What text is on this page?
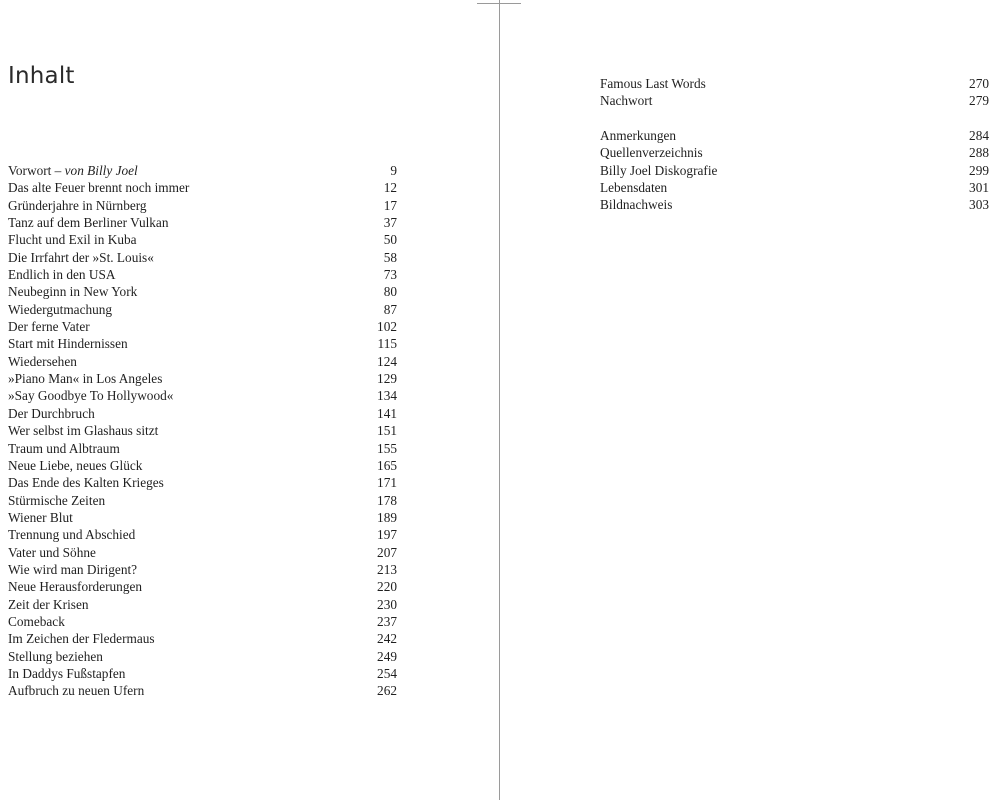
Inhalt
Vorwort – von Billy Joel	9
Das alte Feuer brennt noch immer	12
Gründerjahre in Nürnberg	17
Tanz auf dem Berliner Vulkan	37
Flucht und Exil in Kuba	50
Die Irrfahrt der »St. Louis«	58
Endlich in den USA	73
Neubeginn in New York	80
Wiedergutmachung	87
Der ferne Vater	102
Start mit Hindernissen	115
Wiedersehen	124
»Piano Man« in Los Angeles	129
»Say Goodbye To Hollywood«	134
Der Durchbruch	141
Wer selbst im Glashaus sitzt	151
Traum und Albtraum	155
Neue Liebe, neues Glück	165
Das Ende des Kalten Krieges	171
Stürmische Zeiten	178
Wiener Blut	189
Trennung und Abschied	197
Vater und Söhne	207
Wie wird man Dirigent?	213
Neue Herausforderungen	220
Zeit der Krisen	230
Comeback	237
Im Zeichen der Fledermaus	242
Stellung beziehen	249
In Daddys Fußstapfen	254
Aufbruch zu neuen Ufern	262
Famous Last Words	270
Nachwort	279
Anmerkungen	284
Quellenverzeichnis	288
Billy Joel Diskografie	299
Lebensdaten	301
Bildnachweis	303
